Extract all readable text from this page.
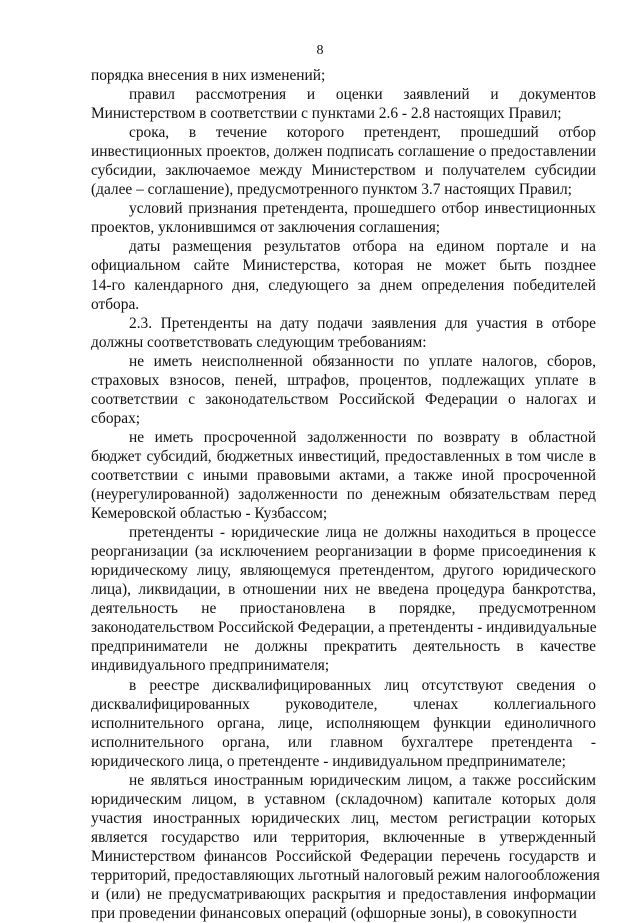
8
порядка внесения в них изменений;
правил рассмотрения и оценки заявлений и документов
Министерством в соответствии с пунктами 2.6 - 2.8 настоящих Правил;
срока, в течение которого претендент, прошедший отбор
инвестиционных проектов, должен подписать соглашение о предоставлении
субсидии, заключаемое между Министерством и получателем субсидии
(далее – соглашение), предусмотренного пунктом 3.7 настоящих Правил;
условий признания претендента, прошедшего отбор инвестиционных
проектов, уклонившимся от заключения соглашения;
даты размещения результатов отбора на едином портале и на
официальном сайте Министерства, которая не может быть позднее
14-го календарного дня, следующего за днем определения победителей
отбора.
2.3. Претенденты на дату подачи заявления для участия в отборе
должны соответствовать следующим требованиям:
не иметь неисполненной обязанности по уплате налогов, сборов,
страховых взносов, пеней, штрафов, процентов, подлежащих уплате в
соответствии с законодательством Российской Федерации о налогах и
сборах;
не иметь просроченной задолженности по возврату в областной
бюджет субсидий, бюджетных инвестиций, предоставленных в том числе в
соответствии с иными правовыми актами, а также иной просроченной
(неурегулированной) задолженности по денежным обязательствам перед
Кемеровской областью - Кузбассом;
претенденты - юридические лица не должны находиться в процессе
реорганизации (за исключением реорганизации в форме присоединения к
юридическому лицу, являющемуся претендентом, другого юридического
лица), ликвидации, в отношении них не введена процедура банкротства,
деятельность не приостановлена в порядке, предусмотренном
законодательством Российской Федерации, а претенденты - индивидуальные
предприниматели не должны прекратить деятельность в качестве
индивидуального предпринимателя;
в реестре дисквалифицированных лиц отсутствуют сведения о
дисквалифицированных руководителе, членах коллегиального
исполнительного органа, лице, исполняющем функции единоличного
исполнительного органа, или главном бухгалтере претендента -
юридического лица, о претенденте - индивидуальном предпринимателе;
не являться иностранным юридическим лицом, а также российским
юридическим лицом, в уставном (складочном) капитале которых доля
участия иностранных юридических лиц, местом регистрации которых
является государство или территория, включенные в утвержденный
Министерством финансов Российской Федерации перечень государств и
территорий, предоставляющих льготный налоговый режим налогообложения
и (или) не предусматривающих раскрытия и предоставления информации
при проведении финансовых операций (офшорные зоны), в совокупности
